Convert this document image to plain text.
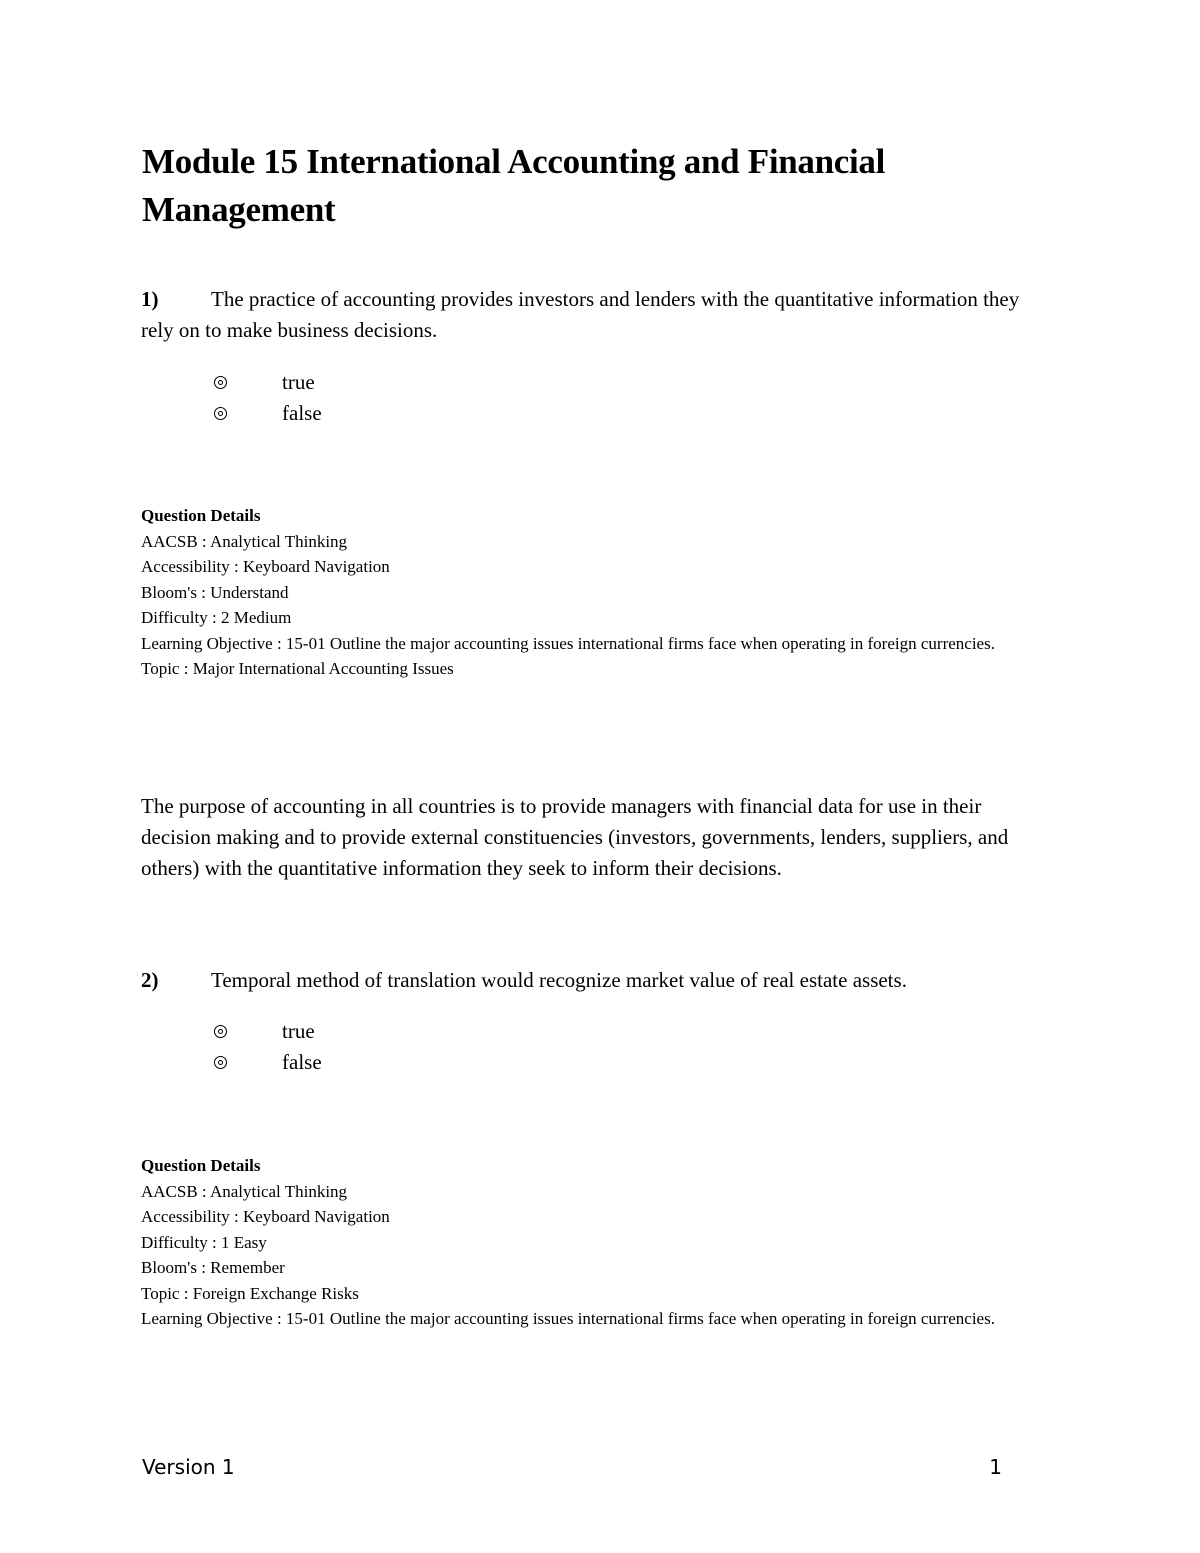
Module 15 International Accounting and Financial Management
1)	The practice of accounting provides investors and lenders with the quantitative information they rely on to make business decisions.
true
false
Question Details
AACSB : Analytical Thinking
Accessibility : Keyboard Navigation
Bloom's : Understand
Difficulty : 2 Medium
Learning Objective : 15-01 Outline the major accounting issues international firms face when operating in foreign currencies.
Topic : Major International Accounting Issues
The purpose of accounting in all countries is to provide managers with financial data for use in their decision making and to provide external constituencies (investors, governments, lenders, suppliers, and others) with the quantitative information they seek to inform their decisions.
2)	Temporal method of translation would recognize market value of real estate assets.
true
false
Question Details
AACSB : Analytical Thinking
Accessibility : Keyboard Navigation
Difficulty : 1 Easy
Bloom's : Remember
Topic : Foreign Exchange Risks
Learning Objective : 15-01 Outline the major accounting issues international firms face when operating in foreign currencies.
Version 1	1
